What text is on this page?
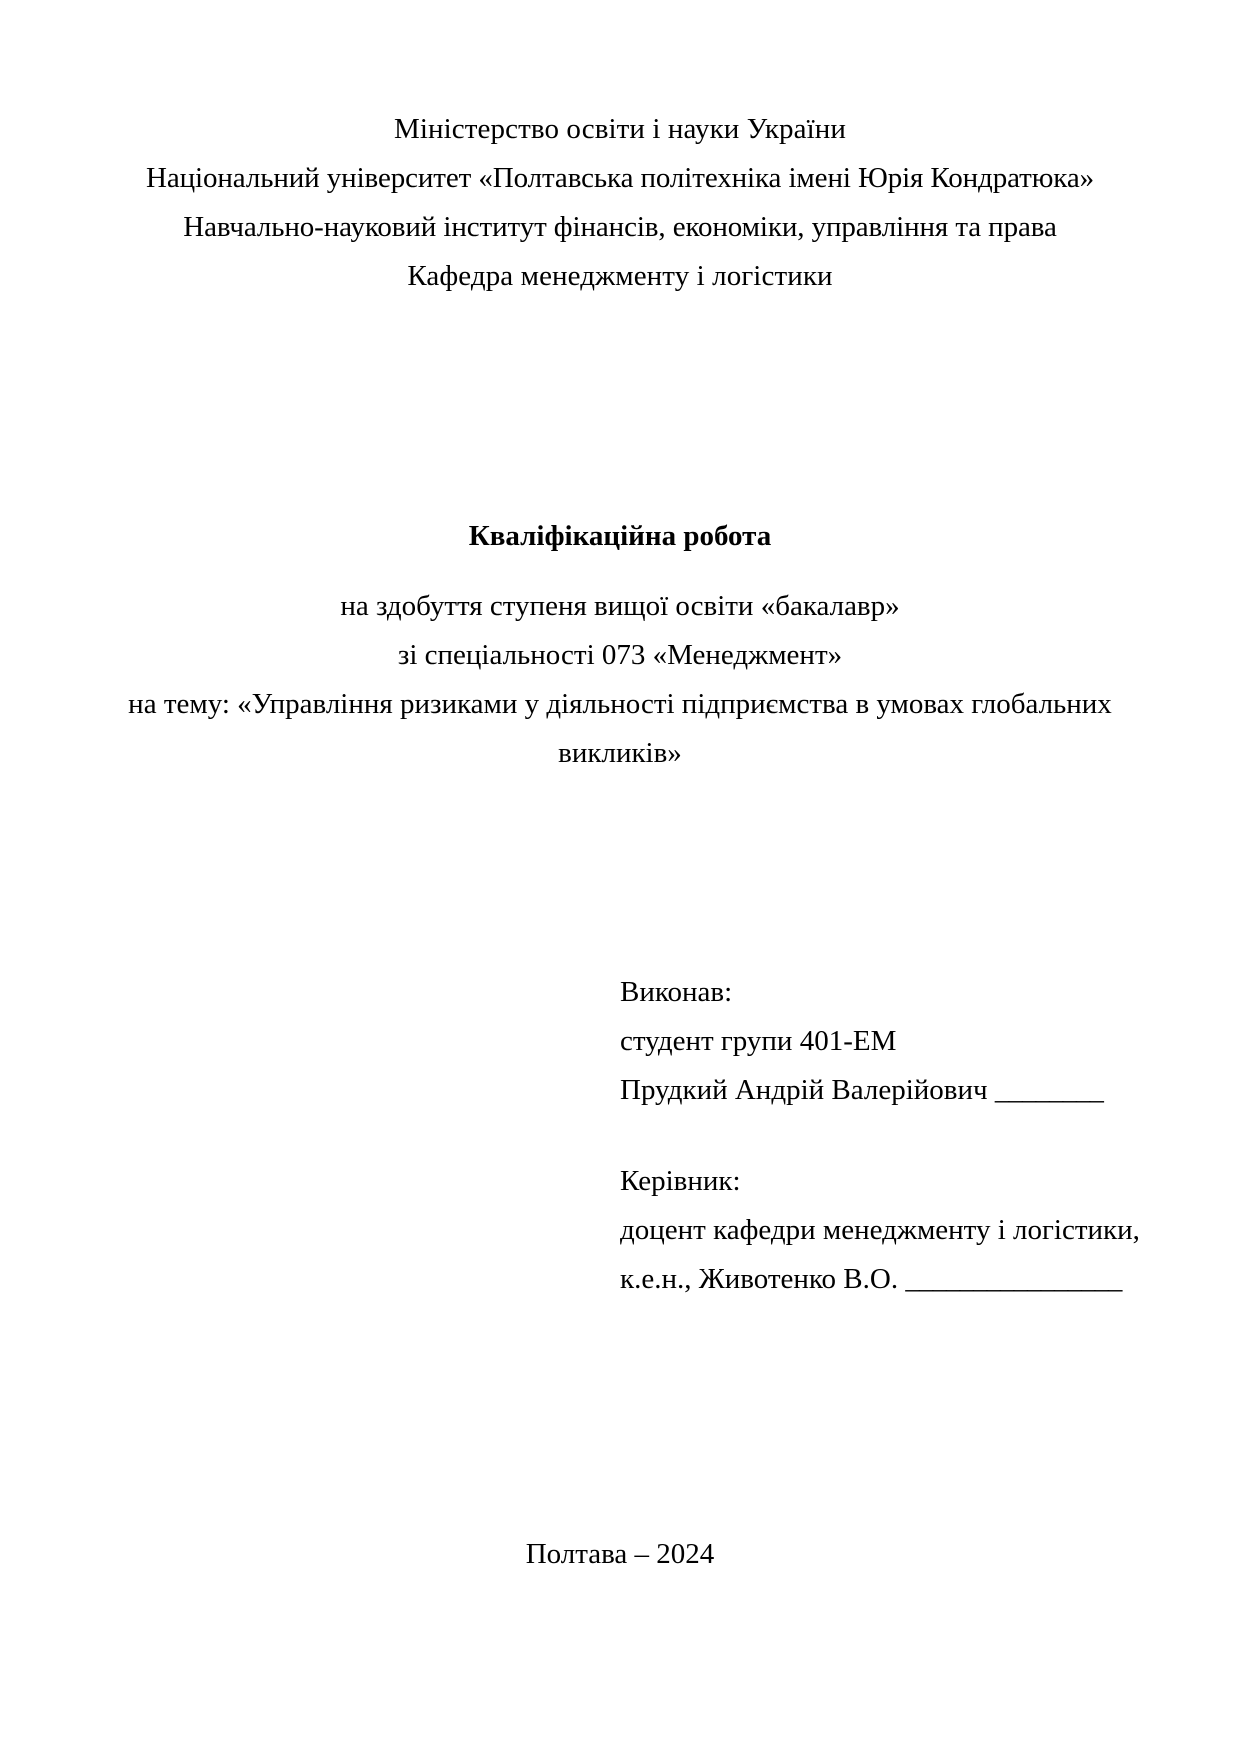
Міністерство освіти і науки України
Національний університет «Полтавська політехніка імені Юрія Кондратюка»
Навчально-науковий інститут фінансів, економіки, управління та права
Кафедра менеджменту і логістики
Кваліфікаційна робота
на здобуття ступеня вищої освіти «бакалавр»
зі спеціальності 073 «Менеджмент»
на тему: «Управління ризиками у діяльності підприємства в умовах глобальних викликів»
Виконав:
студент групи 401-ЕМ
Прудкий Андрій Валерійович ________
Керівник:
доцент кафедри менеджменту і логістики,
к.е.н., Животенко В.О. ________________
Полтава – 2024
